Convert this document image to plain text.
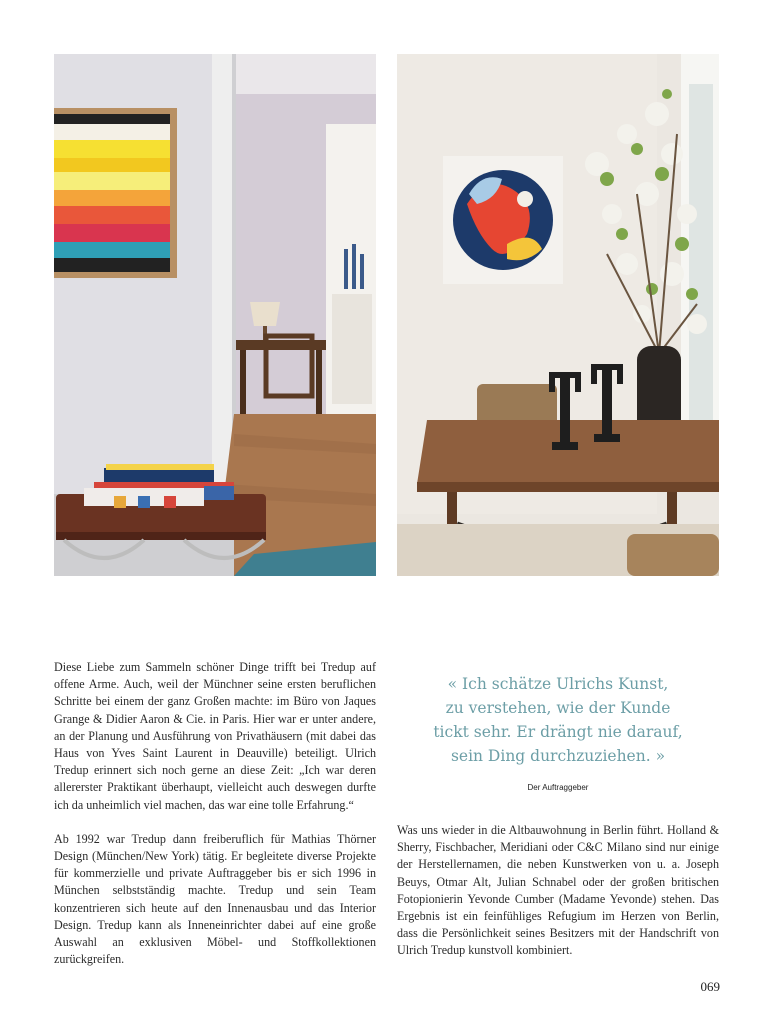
Diese Liebe zum Sammeln schöner Dinge trifft bei Tredup auf offene Arme. Auch, weil der Münchner seine ersten beruflichen Schritte bei einem der ganz Großen machte: im Büro von Jaques Grange & Didier Aaron & Cie. in Paris. Hier war er unter andere, an der Planung und Ausführung von Privathäusern (mit dabei das Haus von Yves Saint Laurent in Deauville) beteiligt. Ulrich Tredup erinnert sich noch gerne an diese Zeit: „Ich war deren allererster Praktikant überhaupt, vielleicht auch deswegen durfte ich da unheimlich viel machen, das war eine tolle Erfahrung.“

Ab 1992 war Tredup dann freiberuflich für Mathias Thörner Design (München/New York) tätig. Er begleitete diverse Projekte für kommerzielle und private Auftraggeber bis er sich 1996 in München selbstständig machte. Tredup und sein Team konzentrieren sich heute auf den Innenausbau und das Interior Design. Tredup kann als Inneneinrichter dabei auf eine große Auswahl an exklusiven Möbel- und Stoffkollektionen zurückgreifen.

« Ich schätze Ulrichs Kunst,
zu verstehen, wie der Kunde
tickt sehr. Er drängt nie darauf,
sein Ding durchzuziehen. »
Der Auftraggeber

Was uns wieder in die Altbauwohnung in Berlin führt. Holland & Sherry, Fischbacher, Meridiani oder C&C Milano sind nur einige der Herstellernamen, die neben Kunstwerken von u. a. Joseph Beuys, Otmar Alt, Julian Schnabel oder der großen britischen Fotopionierin Yevonde Cumber (Madame Yevonde) stehen. Das Ergebnis ist ein feinfühliges Refugium im Herzen von Berlin, dass die Persönlichkeit seines Besitzers mit der Handschrift von Ulrich Tredup kunstvoll kombiniert.

069
